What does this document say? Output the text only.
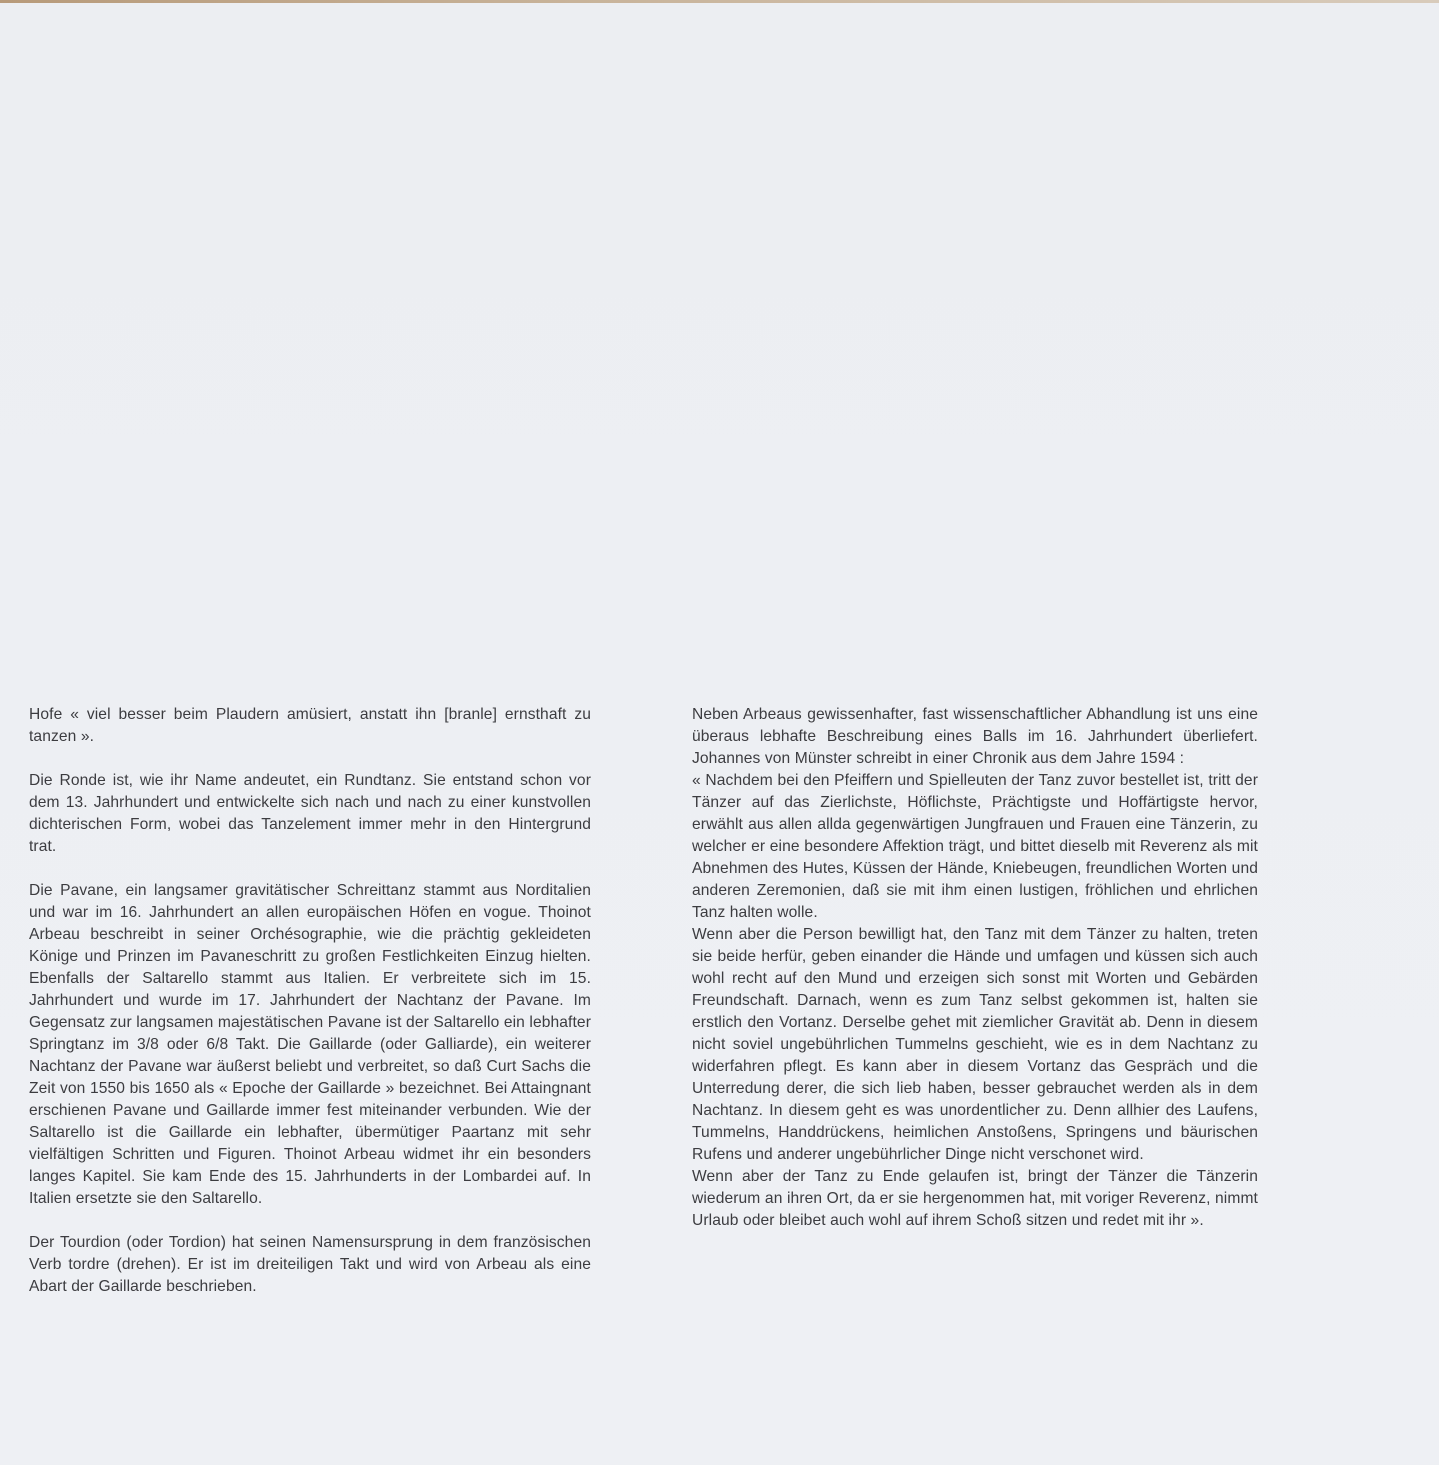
Hofe « viel besser beim Plaudern amüsiert, anstatt ihn [branle] ernsthaft zu tanzen ».

Die Ronde ist, wie ihr Name andeutet, ein Rundtanz. Sie entstand schon vor dem 13. Jahrhundert und entwickelte sich nach und nach zu einer kunstvollen dichterischen Form, wobei das Tanzelement immer mehr in den Hintergrund trat.

Die Pavane, ein langsamer gravitätischer Schreittanz stammt aus Norditalien und war im 16. Jahrhundert an allen europäischen Höfen en vogue. Thoinot Arbeau beschreibt in seiner Orchésographie, wie die prächtig gekleideten Könige und Prinzen im Pavaneschritt zu großen Festlichkeiten Einzug hielten. Ebenfalls der Saltarello stammt aus Italien. Er verbreitete sich im 15. Jahrhundert und wurde im 17. Jahrhundert der Nachtanz der Pavane. Im Gegensatz zur langsamen majestätischen Pavane ist der Saltarello ein lebhafter Springtanz im 3/8 oder 6/8 Takt. Die Gaillarde (oder Galliarde), ein weiterer Nachtanz der Pavane war äußerst beliebt und verbreitet, so daß Curt Sachs die Zeit von 1550 bis 1650 als « Epoche der Gaillarde » bezeichnet. Bei Attaingnant erschienen Pavane und Gaillarde immer fest miteinander verbunden. Wie der Saltarello ist die Gaillarde ein lebhafter, übermütiger Paartanz mit sehr vielfältigen Schritten und Figuren. Thoinot Arbeau widmet ihr ein besonders langes Kapitel. Sie kam Ende des 15. Jahrhunderts in der Lombardei auf. In Italien ersetzte sie den Saltarello.

Der Tourdion (oder Tordion) hat seinen Namensursprung in dem französischen Verb tordre (drehen). Er ist im dreiteiligen Takt und wird von Arbeau als eine Abart der Gaillarde beschrieben.

Neben Arbeaus gewissenhafter, fast wissenschaftlicher Abhandlung ist uns eine überaus lebhafte Beschreibung eines Balls im 16. Jahrhundert überliefert. Johannes von Münster schreibt in einer Chronik aus dem Jahre 1594 :

« Nachdem bei den Pfeiffern und Spielleuten der Tanz zuvor bestellet ist, tritt der Tänzer auf das Zierlichste, Höflichste, Prächtigste und Hoffärtigste hervor, erwählt aus allen allda gegenwärtigen Jungfrauen und Frauen eine Tänzerin, zu welcher er eine besondere Affektion trägt, und bittet dieselb mit Reverenz als mit Abnehmen des Hutes, Küssen der Hände, Kniebeugen, freundlichen Worten und anderen Zeremonien, daß sie mit ihm einen lustigen, fröhlichen und ehrlichen Tanz halten wolle.

Wenn aber die Person bewilligt hat, den Tanz mit dem Tänzer zu halten, treten sie beide herfür, geben einander die Hände und umfagen und küssen sich auch wohl recht auf den Mund und erzeigen sich sonst mit Worten und Gebärden Freundschaft. Darnach, wenn es zum Tanz selbst gekommen ist, halten sie erstlich den Vortanz. Derselbe gehet mit ziemlicher Gravität ab. Denn in diesem nicht soviel ungebührlichen Tummelns geschieht, wie es in dem Nachtanz zu widerfahren pflegt. Es kann aber in diesem Vortanz das Gespräch und die Unterredung derer, die sich lieb haben, besser gebrauchet werden als in dem Nachtanz. In diesem geht es was unordentlicher zu. Denn allhier des Laufens, Tummelns, Handdrückens, heimlichen Anstoßens, Springens und bäurischen Rufens und anderer ungebührlicher Dinge nicht verschonet wird.

Wenn aber der Tanz zu Ende gelaufen ist, bringt der Tänzer die Tänzerin wiederum an ihren Ort, da er sie hergenommen hat, mit voriger Reverenz, nimmt Urlaub oder bleibet auch wohl auf ihrem Schoß sitzen und redet mit ihr ».
